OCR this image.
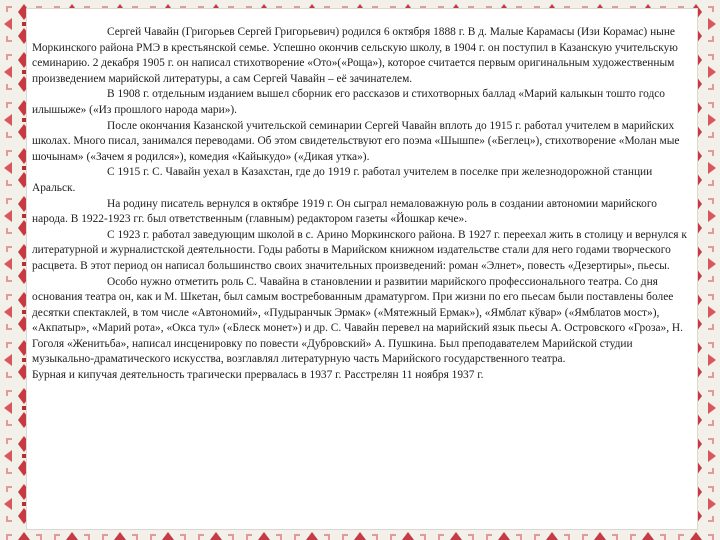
Сергей Чавайн (Григорьев Сергей Григорьевич) родился 6 октября 1888 г. В д. Малые Карамасы (Изи Корамас) ныне Моркинского района РМЭ в крестьянской семье. Успешно окончив сельскую школу, в 1904 г. он поступил в Казанскую учительскую семинарию. 2 декабря 1905 г. он написал стихотворение «Ото»(«Роща»), которое считается первым оригинальным художественным произведением марийской литературы, а сам Сергей Чавайн – её зачинателем.

В 1908 г. отдельным изданием вышел сборник его рассказов и стихотворных баллад «Марий калыкын тошто годсо илышыже» («Из прошлого народа мари»).

После окончания Казанской учительской семинарии Сергей Чавайн вплоть до 1915 г. работал учителем в марийских школах. Много писал, занимался переводами. Об этом свидетельствуют его поэма «Шышпе» («Беглец»), стихотворение «Молан мые шочынам» («Зачем я родился»), комедия «Кайыкудо» («Дикая утка»).

С 1915 г. С. Чавайн уехал в Казахстан, где до 1919 г. работал учителем в поселке при железнодорожной станции Аральск.

На родину писатель вернулся в октябре 1919 г. Он сыграл немаловажную роль в создании автономии марийского народа. В 1922-1923 гг. был ответственным (главным) редактором газеты «Йошкар кече».

С 1923 г. работал заведующим школой в с. Арино Моркинского района. В 1927 г. переехал жить в столицу и вернулся к литературной и журналистской деятельности. Годы работы в Марийском книжном издательстве стали для него годами творческого расцвета. В этот период он написал большинство своих значительных произведений: роман «Элнет», повесть «Дезертиры», пьесы.

Особо нужно отметить роль С. Чавайна в становлении и развитии марийского профессионального театра. Со дня основания театра он, как и М. Шкетан, был самым востребованным драматургом. При жизни по его пьесам были поставлены более десятки спектаклей, в том числе «Автономий», «Пудыранчык Эрмак» («Мятежный Ермак»), «Ямблат кўвар» («Ямблатов мост»), «Акпатыр», «Марий рота», «Окса тул» («Блеск монет») и др. С. Чавайн перевел на марийский язык пьесы А. Островского «Гроза», Н. Гоголя «Женитьба», написал инсценировку по повести «Дубровский» А. Пушкина. Был преподавателем Марийской студии музыкально-драматического искусства, возглавлял литературную часть Марийского государственного театра.

Бурная и кипучая деятельность трагически прервалась в 1937 г. Расстрелян 11 ноября 1937 г.
